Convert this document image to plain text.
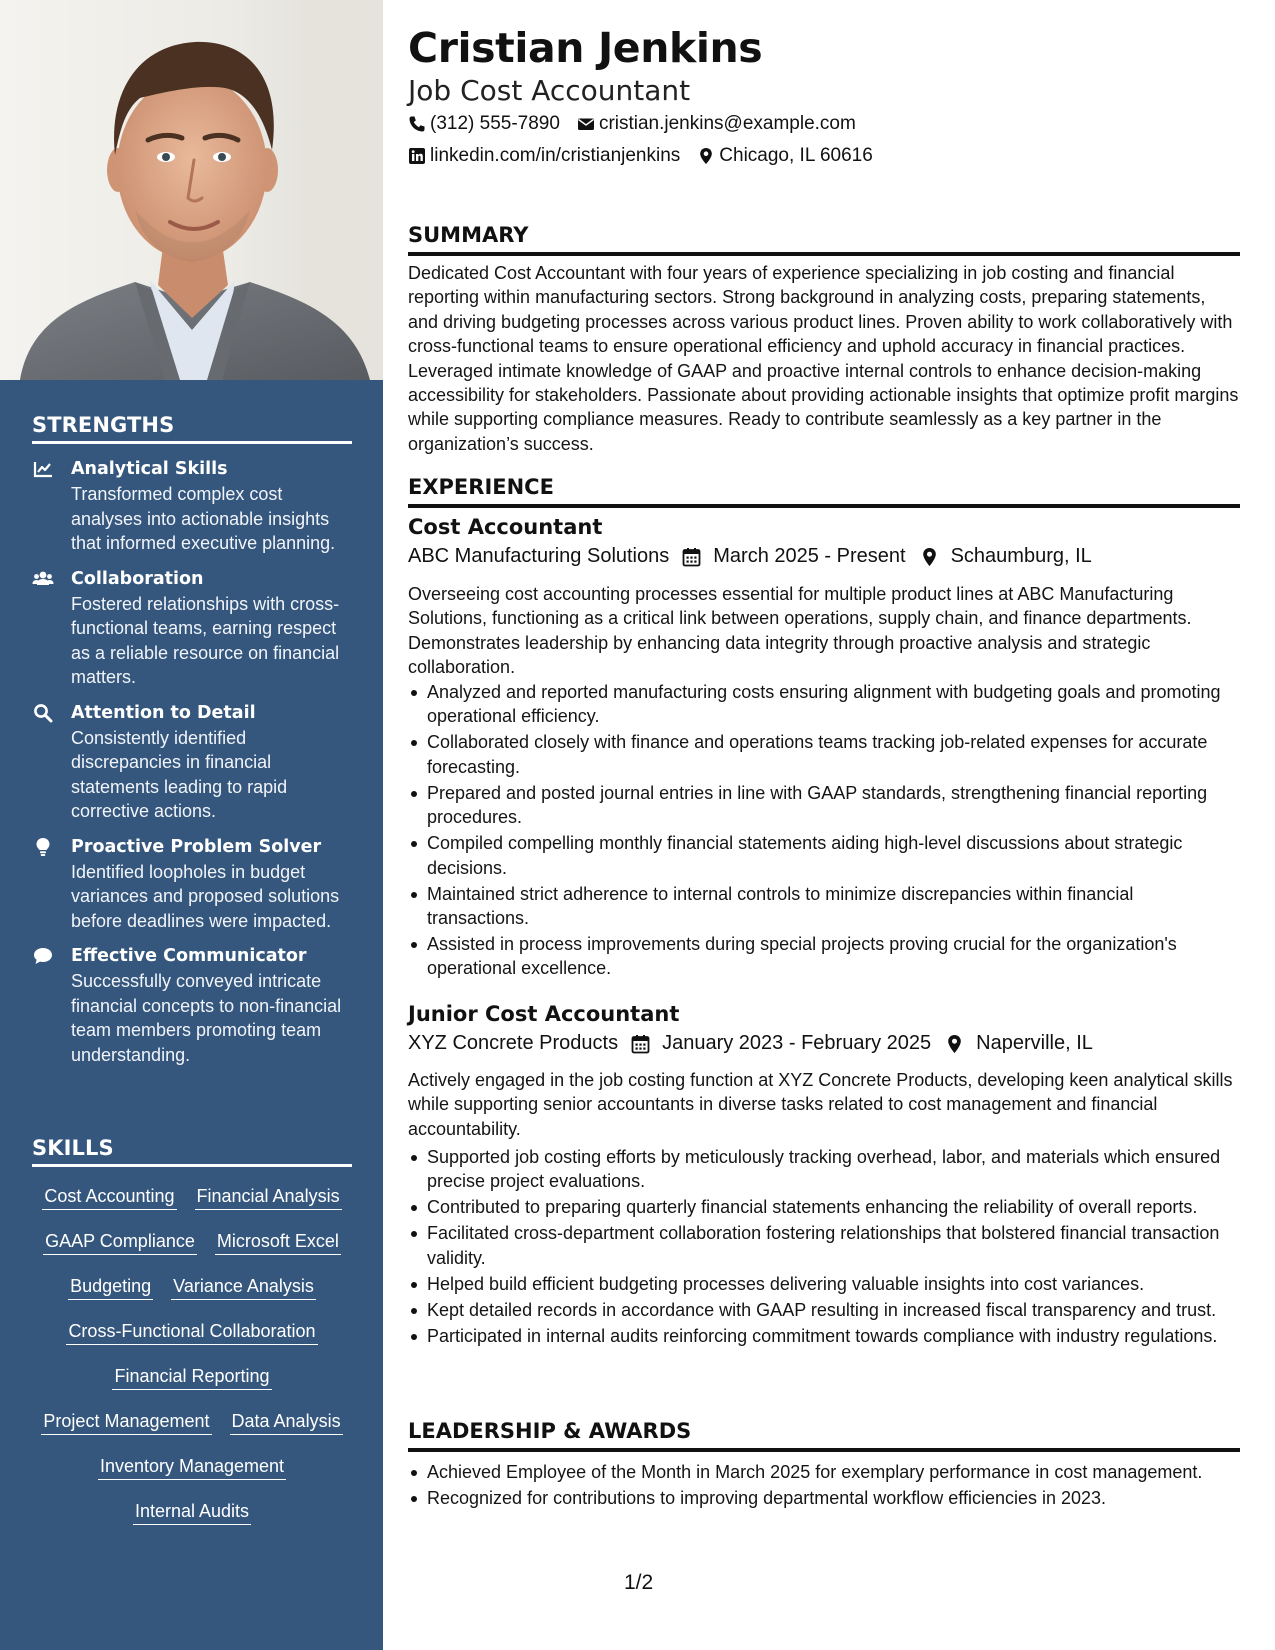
STRENGTHS
Analytical Skills
Transformed complex cost analyses into actionable insights that informed executive planning.
Collaboration
Fostered relationships with cross-functional teams, earning respect as a reliable resource on financial matters.
Attention to Detail
Consistently identified discrepancies in financial statements leading to rapid corrective actions.
Proactive Problem Solver
Identified loopholes in budget variances and proposed solutions before deadlines were impacted.
Effective Communicator
Successfully conveyed intricate financial concepts to non-financial team members promoting team understanding.
SKILLS
Cost Accounting Financial Analysis
GAAP Compliance Microsoft Excel
Budgeting Variance Analysis
Cross-Functional Collaboration
Financial Reporting
Project Management Data Analysis
Inventory Management
Internal Audits
Cristian Jenkins
Job Cost Accountant
(312) 555-7890 cristian.jenkins@example.com
linkedin.com/in/cristianjenkins Chicago, IL 60616
SUMMARY

Dedicated Cost Accountant with four years of experience specializing in job costing and financial reporting within manufacturing sectors. Strong background in analyzing costs, preparing statements, and driving budgeting processes across various product lines. Proven ability to work collaboratively with cross-functional teams to ensure operational efficiency and uphold accuracy in financial practices. Leveraged intimate knowledge of GAAP and proactive internal controls to enhance decision-making accessibility for stakeholders. Passionate about providing actionable insights that optimize profit margins while supporting compliance measures. Ready to contribute seamlessly as a key partner in the organization’s success.

EXPERIENCE
Cost Accountant
ABC Manufacturing Solutions March 2025 - Present Schaumburg, IL

Overseeing cost accounting processes essential for multiple product lines at ABC Manufacturing Solutions, functioning as a critical link between operations, supply chain, and finance departments. Demonstrates leadership by enhancing data integrity through proactive analysis and strategic collaboration.

Analyzed and reported manufacturing costs ensuring alignment with budgeting goals and promoting operational efficiency.
Collaborated closely with finance and operations teams tracking job-related expenses for accurate forecasting.
Prepared and posted journal entries in line with GAAP standards, strengthening financial reporting procedures.
Compiled compelling monthly financial statements aiding high-level discussions about strategic decisions.
Maintained strict adherence to internal controls to minimize discrepancies within financial transactions.
Assisted in process improvements during special projects proving crucial for the organization's operational excellence.
Junior Cost Accountant
XYZ Concrete Products January 2023 - February 2025 Naperville, IL

Actively engaged in the job costing function at XYZ Concrete Products, developing keen analytical skills while supporting senior accountants in diverse tasks related to cost management and financial accountability.

Supported job costing efforts by meticulously tracking overhead, labor, and materials which ensured precise project evaluations.
Contributed to preparing quarterly financial statements enhancing the reliability of overall reports.
Facilitated cross-department collaboration fostering relationships that bolstered financial transaction validity.
Helped build efficient budgeting processes delivering valuable insights into cost variances.
Kept detailed records in accordance with GAAP resulting in increased fiscal transparency and trust.
Participated in internal audits reinforcing commitment towards compliance with industry regulations.
LEADERSHIP & AWARDS
Achieved Employee of the Month in March 2025 for exemplary performance in cost management.
Recognized for contributions to improving departmental workflow efficiencies in 2023.
1/2
